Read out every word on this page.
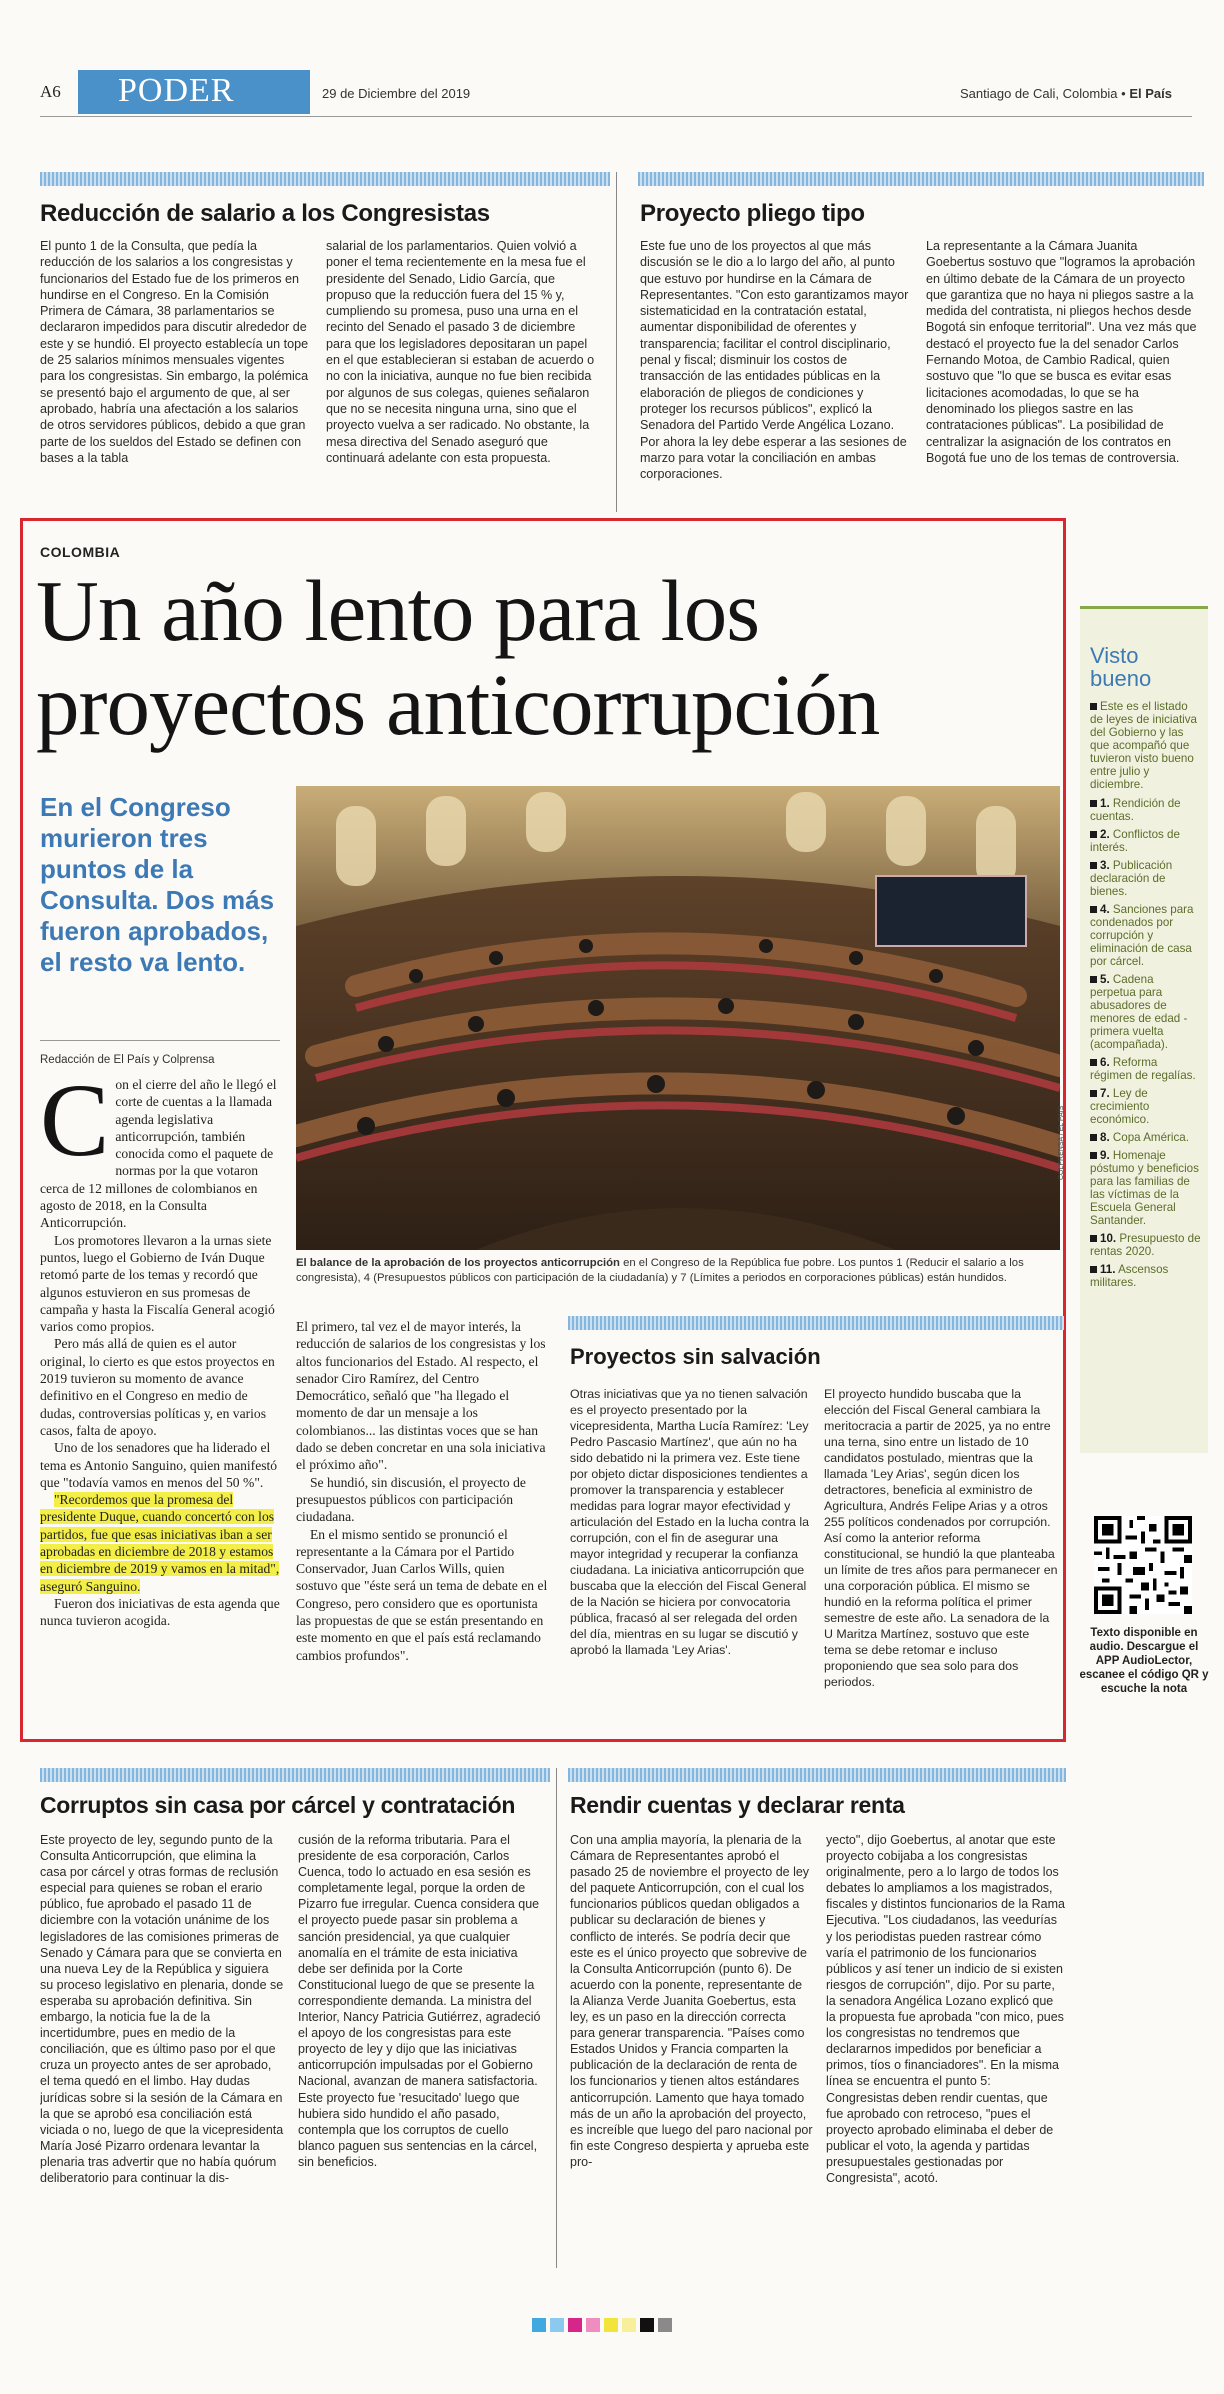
A6 PODER	29 de Diciembre del 2019	Santiago de Cali, Colombia • El País
Reducción de salario a los Congresistas
El punto 1 de la Consulta, que pedía la reducción de los salarios a los congresistas y funcionarios del Estado fue de los primeros en hundirse en el Congreso. En la Comisión Primera de Cámara, 38 parlamentarios se declararon impedidos para discutir alrededor de este y se hundió. El proyecto establecía un tope de 25 salarios mínimos mensuales vigentes para los congresistas. Sin embargo, la polémica se presentó bajo el argumento de que, al ser aprobado, habría una afectación a los salarios de otros servidores públicos, debido a que gran parte de los sueldos del Estado se definen con bases a la tabla
salarial de los parlamentarios. Quien volvió a poner el tema recientemente en la mesa fue el presidente del Senado, Lidio García, que propuso que la reducción fuera del 15 % y, cumpliendo su promesa, puso una urna en el recinto del Senado el pasado 3 de diciembre para que los legisladores depositaran un papel en el que establecieran si estaban de acuerdo o no con la iniciativa, aunque no fue bien recibida por algunos de sus colegas, quienes señalaron que no se necesita ninguna urna, sino que el proyecto vuelva a ser radicado. No obstante, la mesa directiva del Senado aseguró que continuará adelante con esta propuesta.
Proyecto pliego tipo
Este fue uno de los proyectos al que más discusión se le dio a lo largo del año, al punto que estuvo por hundirse en la Cámara de Representantes. "Con esto garantizamos mayor sistematicidad en la contratación estatal, aumentar disponibilidad de oferentes y transparencia; facilitar el control disciplinario, penal y fiscal; disminuir los costos de transacción de las entidades públicas en la elaboración de pliegos de condiciones y proteger los recursos públicos", explicó la Senadora del Partido Verde Angélica Lozano. Por ahora la ley debe esperar a las sesiones de marzo para votar la conciliación en ambas corporaciones.
La representante a la Cámara Juanita Goebertus sostuvo que "logramos la aprobación en último debate de la Cámara de un proyecto que garantiza que no haya ni pliegos sastre a la medida del contratista, ni pliegos hechos desde Bogotá sin enfoque territorial". Una vez más que destacó el proyecto fue la del senador Carlos Fernando Motoa, de Cambio Radical, quien sostuvo que "lo que se busca es evitar esas licitaciones acomodadas, lo que se ha denominado los pliegos sastre en las contrataciones públicas". La posibilidad de centralizar la asignación de los contratos en Bogotá fue uno de los temas de controversia.
COLOMBIA
Un año lento para los
proyectos anticorrupción
En el Congreso murieron tres puntos de la Consulta. Dos más fueron aprobados, el resto va lento.
Redacción de El País y Colprensa
C on el cierre del año le llegó el corte de cuentas a la llamada agenda legislativa anticorrupción, también conocida como el paquete de normas por la que votaron cerca de 12 millones de colombianos en agosto de 2018, en la Consulta Anticorrupción.

Los promotores llevaron a la urnas siete puntos, luego el Gobierno de Iván Duque retomó parte de los temas y recordó que algunos estuvieron en sus promesas de campaña y hasta la Fiscalía General acogió varios como propios.

Pero más allá de quien es el autor original, lo cierto es que estos proyectos en 2019 tuvieron su momento de avance definitivo en el Congreso en medio de dudas, controversias políticas y, en varios casos, falta de apoyo.

Uno de los senadores que ha liderado el tema es Antonio Sanguino, quien manifestó que "todavía vamos en menos del 50 %".

"Recordemos que la promesa del presidente Duque, cuando concertó con los partidos, fue que esas iniciativas iban a ser aprobadas en diciembre de 2018 y estamos en diciembre de 2019 y vamos en la mitad", aseguró Sanguino.

Fueron dos iniciativas de esta agenda que nunca tuvieron acogida.

COLPRENSA / EL PAÍS
El balance de la aprobación de los proyectos anticorrupción en el Congreso de la República fue pobre. Los puntos 1 (Reducir el salario a los congresista), 4 (Presupuestos públicos con participación de la ciudadanía) y 7 (Límites a periodos en corporaciones públicas) están hundidos.

El primero, tal vez el de mayor interés, la reducción de salarios de los congresistas y los altos funcionarios del Estado. Al respecto, el senador Ciro Ramírez, del Centro Democrático, señaló que "ha llegado el momento de dar un mensaje a los colombianos... las distintas voces que se han dado se deben concretar en una sola iniciativa el próximo año".

Se hundió, sin discusión, el proyecto de presupuestos públicos con participación ciudadana.

En el mismo sentido se pronunció el representante a la Cámara por el Partido Conservador, Juan Carlos Wills, quien sostuvo que "éste será un tema de debate en el Congreso, pero considero que es oportunista las propuestas de que se están presentando en este momento en que el país está reclamando cambios profundos".

Proyectos sin salvación
Otras iniciativas que ya no tienen salvación es el proyecto presentado por la vicepresidenta, Martha Lucía Ramírez: 'Ley Pedro Pascasio Martínez', que aún no ha sido debatido ni la primera vez. Este tiene por objeto dictar disposiciones tendientes a promover la transparencia y establecer medidas para lograr mayor efectividad y articulación del Estado en la lucha contra la corrupción, con el fin de asegurar una mayor integridad y recuperar la confianza ciudadana. La iniciativa anticorrupción que buscaba que la elección del Fiscal General de la Nación se hiciera por convocatoria pública, fracasó al ser relegada del orden del día, mientras en su lugar se discutió y aprobó la llamada 'Ley Arias'.
El proyecto hundido buscaba que la elección del Fiscal General cambiara la meritocracia a partir de 2025, ya no entre una terna, sino entre un listado de 10 candidatos postulado, mientras que la llamada 'Ley Arias', según dicen los detractores, beneficia al exministro de Agricultura, Andrés Felipe Arias y a otros 255 políticos condenados por corrupción. Así como la anterior reforma constitucional, se hundió la que planteaba un límite de tres años para permanecer en una corporación pública. El mismo se hundió en la reforma política el primer semestre de este año. La senadora de la U Maritza Martínez, sostuvo que este tema se debe retomar e incluso proponiendo que sea solo para dos periodos.
Visto bueno
Este es el listado de leyes de iniciativa del Gobierno y las que acompañó que tuvieron visto bueno entre julio y diciembre.
1. Rendición de cuentas.
2. Conflictos de interés.
3. Publicación declaración de bienes.
4. Sanciones para condenados por corrupción y eliminación de casa por cárcel.
5. Cadena perpetua para abusadores de menores de edad - primera vuelta (acompañada).
6. Reforma régimen de regalías.
7. Ley de crecimiento económico.
8. Copa América.
9. Homenaje póstumo y beneficios para las familias de las víctimas de la Escuela General Santander.
10. Presupuesto de rentas 2020.
11. Ascensos militares.
Texto disponible en audio. Descargue el APP AudioLector, escanee el código QR y escuche la nota
Corruptos sin casa por cárcel y contratación
Este proyecto de ley, segundo punto de la Consulta Anticorrupción, que elimina la casa por cárcel y otras formas de reclusión especial para quienes se roban el erario público, fue aprobado el pasado 11 de diciembre con la votación unánime de los legisladores de las comisiones primeras de Senado y Cámara para que se convierta en una nueva Ley de la República y siguiera su proceso legislativo en plenaria, donde se esperaba su aprobación definitiva. Sin embargo, la noticia fue la de la incertidumbre, pues en medio de la conciliación, que es último paso por el que cruza un proyecto antes de ser aprobado, el tema quedó en el limbo. Hay dudas jurídicas sobre si la sesión de la Cámara en la que se aprobó esa conciliación está viciada o no, luego de que la vicepresidenta María José Pizarro ordenara levantar la plenaria tras advertir que no había quórum deliberatorio para continuar la dis-
cusión de la reforma tributaria. Para el presidente de esa corporación, Carlos Cuenca, todo lo actuado en esa sesión es completamente legal, porque la orden de Pizarro fue irregular. Cuenca considera que el proyecto puede pasar sin problema a sanción presidencial, ya que cualquier anomalía en el trámite de esta iniciativa debe ser definida por la Corte Constitucional luego de que se presente la correspondiente demanda. La ministra del Interior, Nancy Patricia Gutiérrez, agradeció el apoyo de los congresistas para este proyecto de ley y dijo que las iniciativas anticorrupción impulsadas por el Gobierno Nacional, avanzan de manera satisfactoria. Este proyecto fue 'resucitado' luego que hubiera sido hundido el año pasado, contempla que los corruptos de cuello blanco paguen sus sentencias en la cárcel, sin beneficios.
Rendir cuentas y declarar renta
Con una amplia mayoría, la plenaria de la Cámara de Representantes aprobó el pasado 25 de noviembre el proyecto de ley del paquete Anticorrupción, con el cual los funcionarios públicos quedan obligados a publicar su declaración de bienes y conflicto de interés. Se podría decir que este es el único proyecto que sobrevive de la Consulta Anticorrupción (punto 6). De acuerdo con la ponente, representante de la Alianza Verde Juanita Goebertus, esta ley, es un paso en la dirección correcta para generar transparencia. "Países como Estados Unidos y Francia comparten la publicación de la declaración de renta de los funcionarios y tienen altos estándares anticorrupción. Lamento que haya tomado más de un año la aprobación del proyecto, es increíble que luego del paro nacional por fin este Congreso despierta y aprueba este pro-
yecto", dijo Goebertus, al anotar que este proyecto cobijaba a los congresistas originalmente, pero a lo largo de todos los debates lo ampliamos a los magistrados, fiscales y distintos funcionarios de la Rama Ejecutiva. "Los ciudadanos, las veedurías y los periodistas pueden rastrear cómo varía el patrimonio de los funcionarios públicos y así tener un indicio de si existen riesgos de corrupción", dijo. Por su parte, la senadora Angélica Lozano explicó que la propuesta fue aprobada "con mico, pues los congresistas no tendremos que declararnos impedidos por beneficiar a primos, tíos o financiadores". En la misma línea se encuentra el punto 5: Congresistas deben rendir cuentas, que fue aprobado con retroceso, "pues el proyecto aprobado eliminaba el deber de publicar el voto, la agenda y partidas presupuestales gestionadas por Congresista", acotó.
